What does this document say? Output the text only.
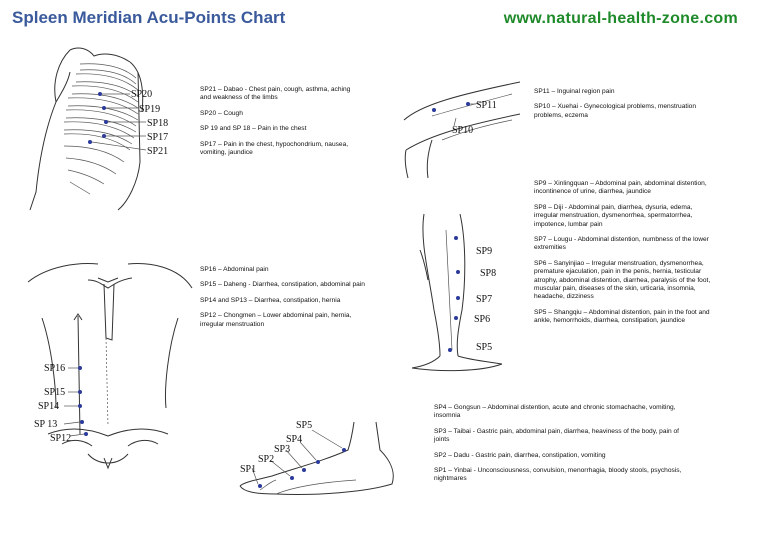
Spleen Meridian Acu-Points Chart	www.natural-health-zone.com
SP20
SP19
SP18
SP17
SP21

SP21 – Dabao - Chest pain, cough, asthma, aching and weakness of the limbs

SP20 – Cough

SP 19 and SP 18 – Pain in the chest

SP17 – Pain in the chest, hypochondrium, nausea, vomiting, jaundice

SP16
SP15
SP14
SP 13
SP12

SP16 – Abdominal pain

SP15 – Daheng - Diarrhea, constipation, abdominal pain

SP14 and SP13 – Diarrhea, constipation, hernia

SP12 – Chongmen – Lower abdominal pain, hernia, irregular menstruation

SP11
SP10

SP11 – Inguinal region pain

SP10 – Xuehai - Gynecological problems, menstruation problems, eczema

SP9
SP8
SP7
SP6
SP5

SP9 – Xinlingquan – Abdominal pain, abdominal distention, incontinence of urine, diarrhea, jaundice

SP8 – Diji - Abdominal pain, diarrhea, dysuria, edema, irregular menstruation, dysmenorrhea, spermatorrhea, impotence, lumbar pain

SP7 – Lougu - Abdominal distention, numbness of the lower extremities

SP6 – Sanyinjiao – Irregular menstruation, dysmenorrhea, premature ejaculation, pain in the penis, hernia, testicular atrophy, abdominal distention, diarrhea, paralysis of the foot, muscular pain, diseases of the skin, urticaria, insomnia, headache, dizziness

SP5 – Shangqiu – Abdominal distention, pain in the foot and ankle, hemorrhoids, diarrhea, constipation, jaundice

SP5
SP4
SP3
SP2
SP1

SP4 – Gongsun – Abdominal distention, acute and chronic stomachache, vomiting, insomnia

SP3 – Taibai - Gastric pain, abdominal pain, diarrhea, heaviness of the body, pain of joints

SP2 – Dadu - Gastric pain, diarrhea, constipation, vomiting

SP1 – Yinbai - Unconsciousness, convulsion, menorrhagia, bloody stools, psychosis, nightmares
